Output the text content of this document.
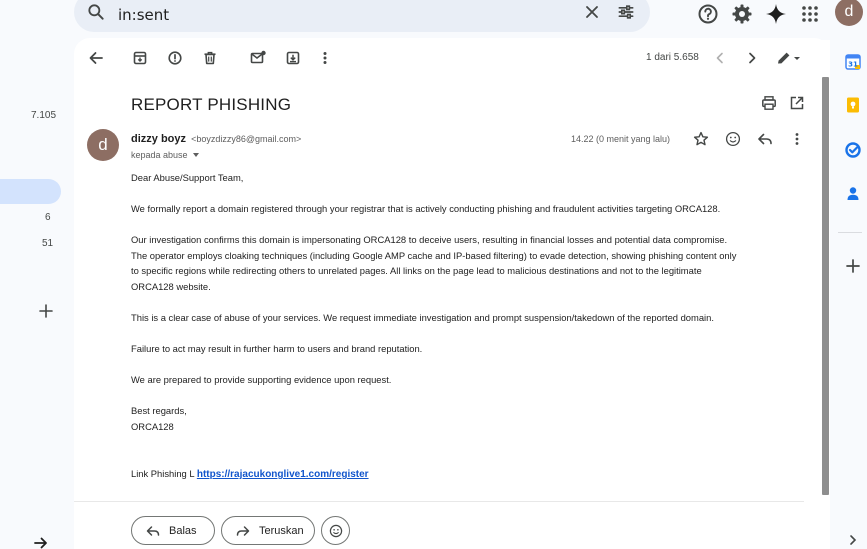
in:sent	d
7.105
6
51
1 dari 5.658
REPORT PHISHING
d	dizzy boyz <boyzdizzy86@gmail.com>
kepada abuse
14.22 (0 menit yang lalu)
Dear Abuse/Support Team,
We formally report a domain registered through your registrar that is actively conducting phishing and fraudulent activities targeting ORCA128.
Our investigation confirms this domain is impersonating ORCA128 to deceive users, resulting in financial losses and potential data compromise.
The operator employs cloaking techniques (including Google AMP cache and IP-based filtering) to evade detection, showing phishing content only
to specific regions while redirecting others to unrelated pages. All links on the page lead to malicious destinations and not to the legitimate
ORCA128 website.
This is a clear case of abuse of your services. We request immediate investigation and prompt suspension/takedown of the reported domain.
Failure to act may result in further harm to users and brand reputation.
We are prepared to provide supporting evidence upon request.
Best regards,
ORCA128
Link Phishing L https://rajacukonglive1.com/register
Balas	Teruskan
31
